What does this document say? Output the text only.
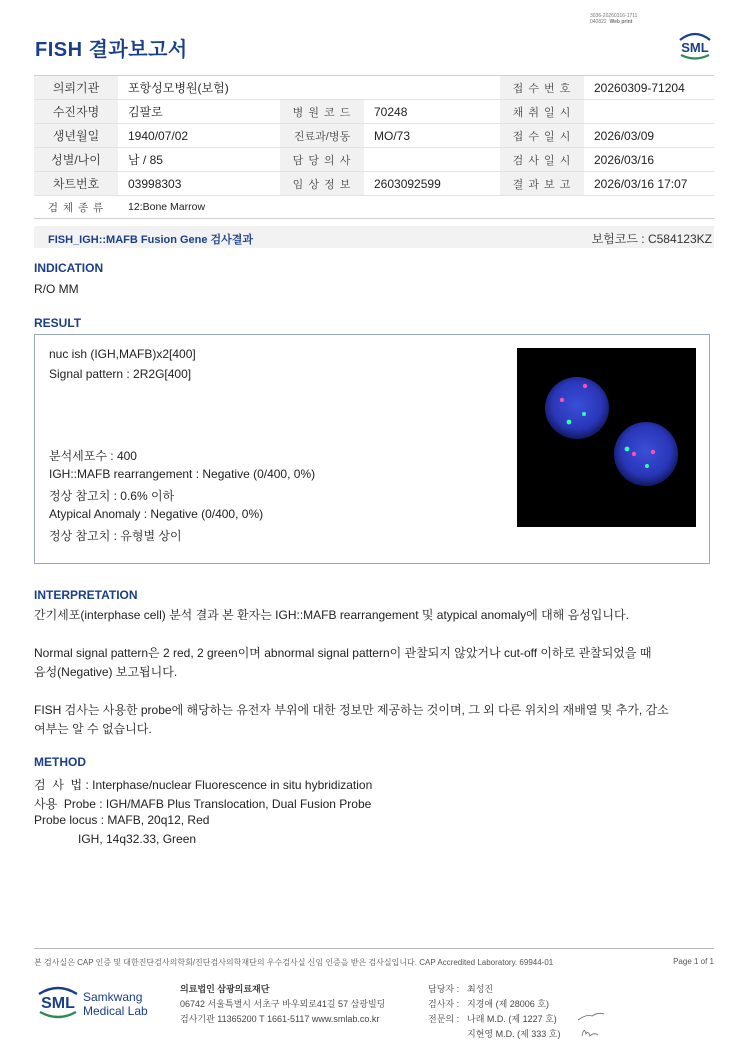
3036-20260316-1711
040822 Web print
FISH 결과보고서	SML
의뢰기관	포항성모병원(보험)			접 수 번 호	20260309-71204
수진자명	김팔로	병 원 코 드	70248	채 취 일 시	
생년월일	1940/07/02	진료과/병동	MO/73	접 수 일 시	2026/03/09
성별/나이	남 / 85	담 당 의 사		검 사 일 시	2026/03/16
차트번호	03998303	임 상 정 보	2603092599	결 과 보 고	2026/03/16 17:07
검 체 종 류	12:Bone Marrow				
FISH_IGH::MAFB Fusion Gene 검사결과	보험코드 : C584123KZ
INDICATION
R/O MM
RESULT
nuc ish (IGH,MAFB)x2[400]
Signal pattern : 2R2G[400]
분석세포수 : 400
IGH::MAFB rearrangement : Negative (0/400, 0%)
정상 참고치 : 0.6% 이하
Atypical Anomaly : Negative (0/400, 0%)
정상 참고치 : 유형별 상이
INTERPRETATION
간기세포(interphase cell) 분석 결과 본 환자는 IGH::MAFB rearrangement 및 atypical anomaly에 대해 음성입니다.
Normal signal pattern은 2 red, 2 green이며 abnormal signal pattern이 관찰되지 않았거나 cut-off 이하로 관찰되었을 때
음성(Negative) 보고됩니다.
FISH 검사는 사용한 probe에 해당하는 유전자 부위에 대한 정보만 제공하는 것이며, 그 외 다른 위치의 재배열 및 추가, 감소
여부는 알 수 없습니다.
METHOD
검  사  법 : Interphase/nuclear Fluorescence in situ hybridization
사용  Probe : IGH/MAFB Plus Translocation, Dual Fusion Probe
Probe locus : MAFB, 20q12, Red
IGH, 14q32.33, Green
본 검사실은 CAP 인증 및 대한진단검사의학회/진단검사의학재단의 우수검사실 신임 인증을 받은 검사실입니다. CAP Accredited Laboratory. 69944-01	Page 1 of 1
SML Samkwang
Medical Lab
의료법인 삼광의료재단
06742 서울특별시 서초구 바우뫼로41길 57 삼광빌딩
검사기관 11365200 T 1661-5117 www.smlab.co.kr
담당자 : 최성진
검사자 : 지경애 (제 28006 호)
전문의 : 나래 M.D. (제 1227 호)
지현영 M.D. (제 333 호)
